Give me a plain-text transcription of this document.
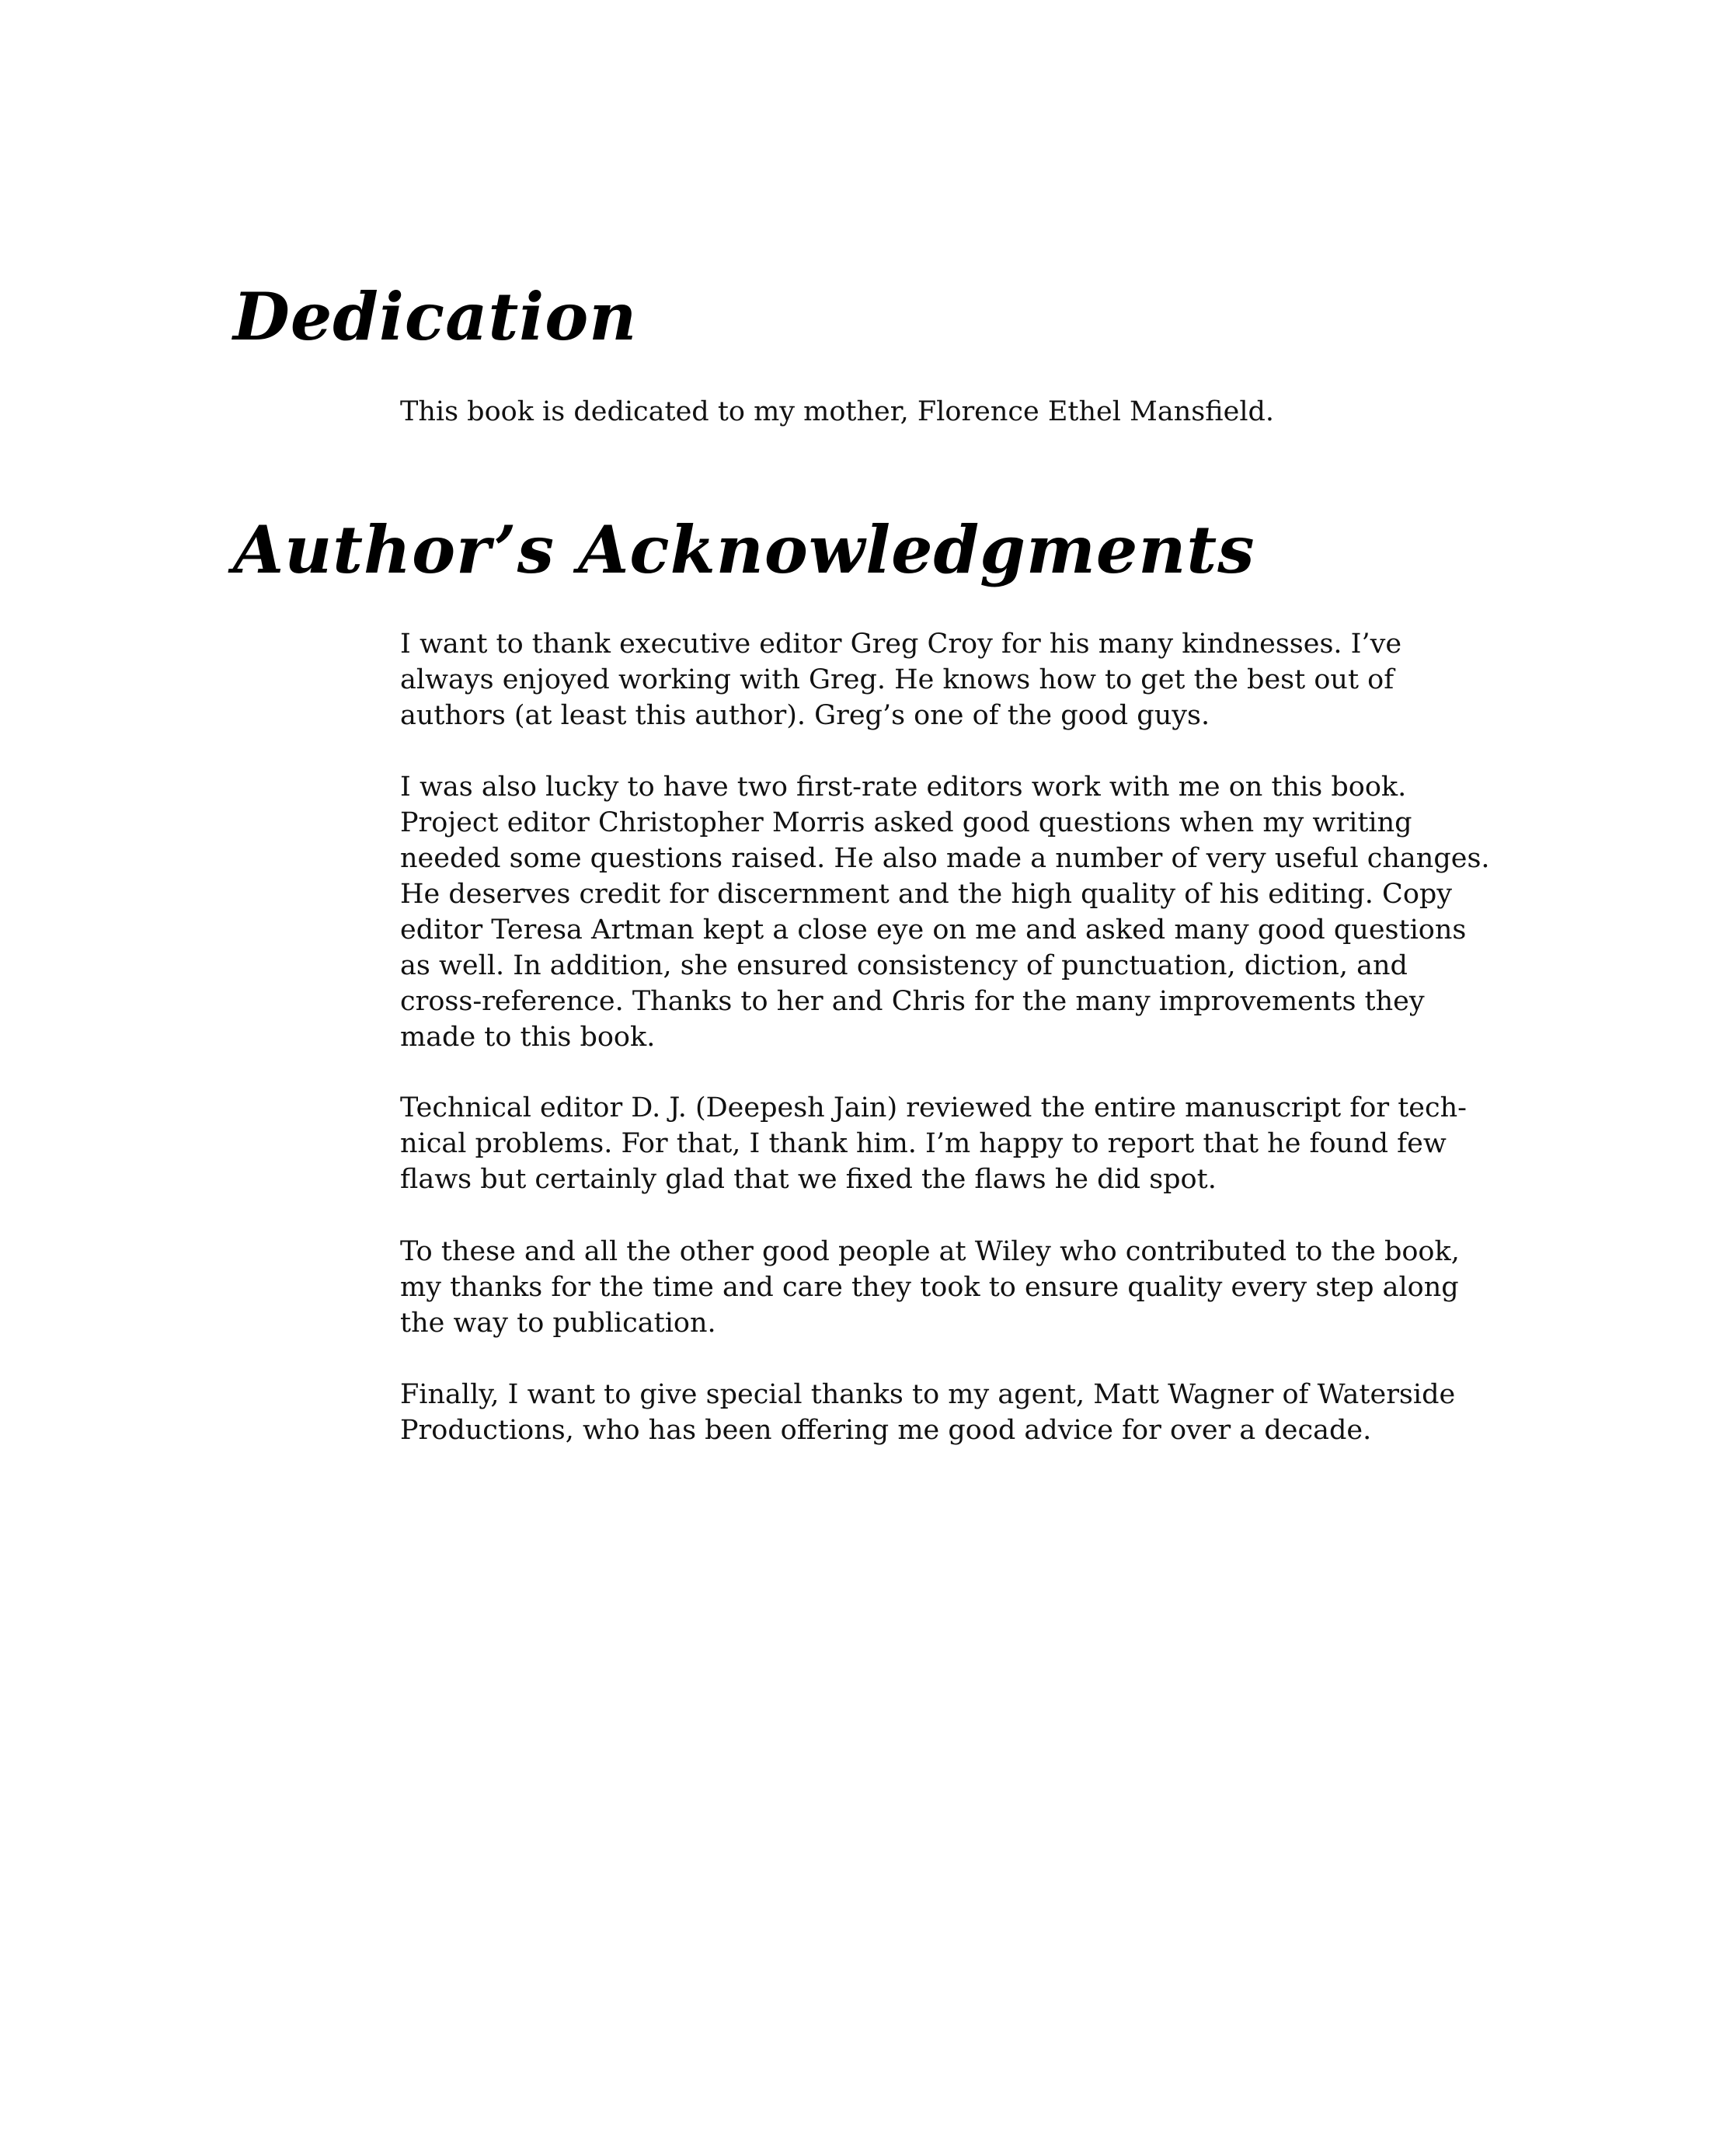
Dedication

This book is dedicated to my mother, Florence Ethel Mansfield.

Author’s Acknowledgments

I want to thank executive editor Greg Croy for his many kindnesses. I’ve
always enjoyed working with Greg. He knows how to get the best out of
authors (at least this author). Greg’s one of the good guys.

I was also lucky to have two first-rate editors work with me on this book.
Project editor Christopher Morris asked good questions when my writing
needed some questions raised. He also made a number of very useful changes.
He deserves credit for discernment and the high quality of his editing. Copy
editor Teresa Artman kept a close eye on me and asked many good questions
as well. In addition, she ensured consistency of punctuation, diction, and
cross-reference. Thanks to her and Chris for the many improvements they
made to this book.

Technical editor D. J. (Deepesh Jain) reviewed the entire manuscript for tech-
nical problems. For that, I thank him. I’m happy to report that he found few
flaws but certainly glad that we fixed the flaws he did spot.

To these and all the other good people at Wiley who contributed to the book,
my thanks for the time and care they took to ensure quality every step along
the way to publication.

Finally, I want to give special thanks to my agent, Matt Wagner of Waterside
Productions, who has been offering me good advice for over a decade.
